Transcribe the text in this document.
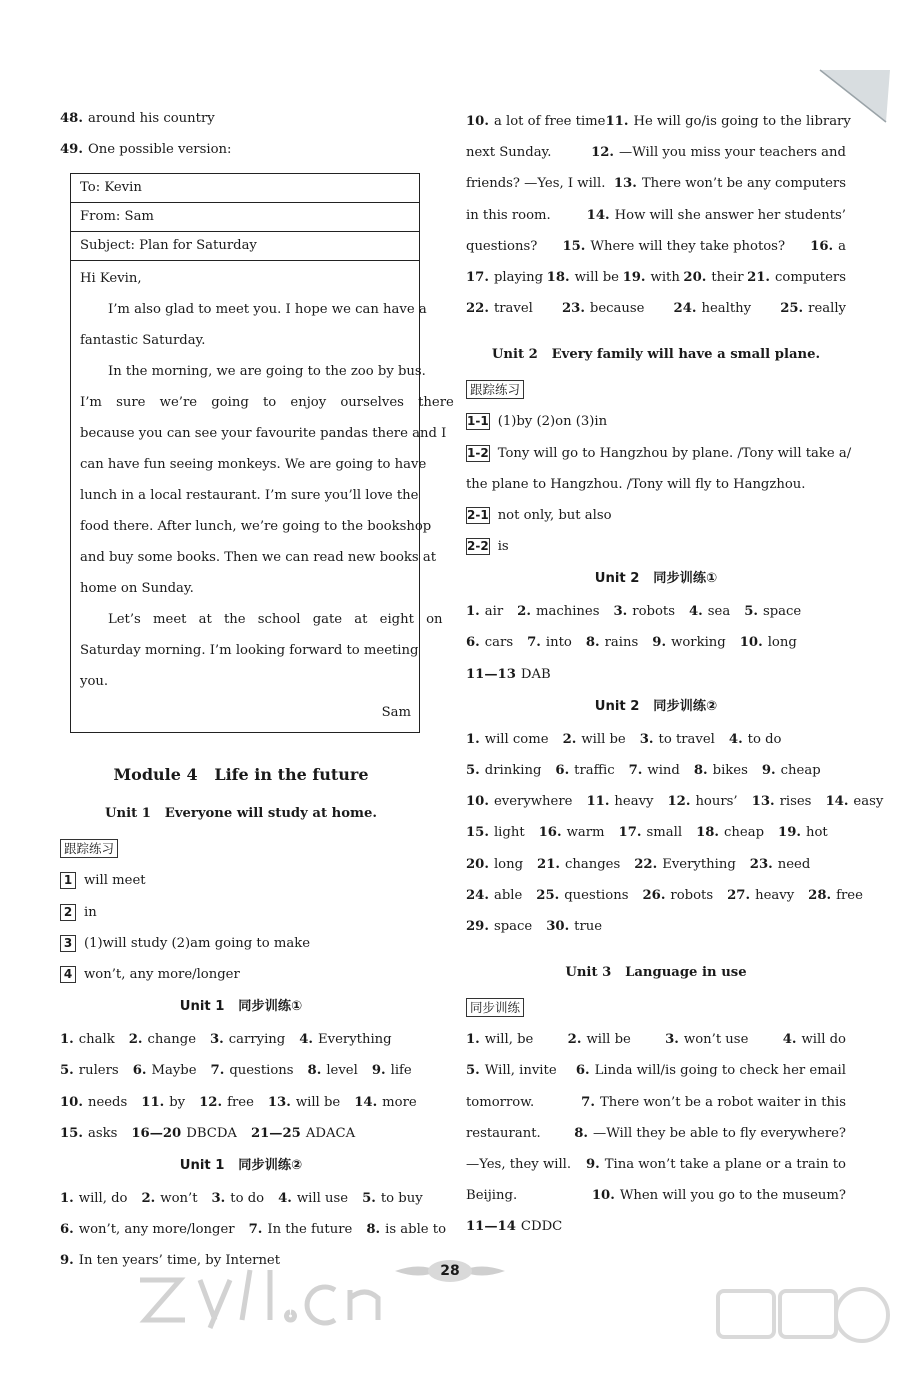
48. around his country
49. One possible version:
To: Kevin
From: Sam
Subject: Plan for Saturday
Hi Kevin,
I’m also glad to meet you. I hope we can have a
fantastic Saturday.
In the morning, we are going to the zoo by bus.
I’m sure we’re going to enjoy ourselves there
because you can see your favourite pandas there and I
can have fun seeing monkeys. We are going to have
lunch in a local restaurant. I’m sure you’ll love the
food there. After lunch, we’re going to the bookshop
and buy some books. Then we can read new books at
home on Sunday.
Let’s meet at the school gate at eight on
Saturday morning. I’m looking forward to meeting
you.
Sam
Module 4   Life in the future
Unit 1   Everyone will study at home.
跟踪练习
1 will meet
2 in
3 (1)will study (2)am going to make
4 won’t, any more/longer
Unit 1   同步训练①
1. chalk 2. change 3. carrying 4. Everything
5. rulers 6. Maybe 7. questions 8. level 9. life
10. needs 11. by 12. free 13. will be 14. more
15. asks 16—20 DBCDA 21—25 ADACA
Unit 1   同步训练②
1. will, do 2. won’t 3. to do 4. will use 5. to buy
6. won’t, any more/longer 7. In the future 8. is able to
9. In ten years’ time, by Internet
10. a lot of free time 11. He will go/is going to the library
next Sunday.	12. —Will you miss your teachers and
friends? —Yes, I will. 13. There won’t be any computers
in this room.	14. How will she answer her students’
questions? 15. Where will they take photos? 16. a
17. playing 18. will be 19. with 20. their 21. computers
22. travel 23. because 24. healthy 25. really
Unit 2   Every family will have a small plane.
跟踪练习
1-1 (1)by (2)on (3)in
1-2 Tony will go to Hangzhou by plane. /Tony will take a/
the plane to Hangzhou. /Tony will fly to Hangzhou.
2-1 not only, but also
2-2 is
Unit 2   同步训练①
1. air 2. machines 3. robots 4. sea 5. space
6. cars 7. into 8. rains 9. working 10. long
11—13 DAB
Unit 2   同步训练②
1. will come 2. will be 3. to travel 4. to do
5. drinking 6. traffic 7. wind 8. bikes 9. cheap
10. everywhere 11. heavy 12. hours’ 13. rises 14. easy
15. light 16. warm 17. small 18. cheap 19. hot
20. long 21. changes 22. Everything 23. need
24. able 25. questions 26. robots 27. heavy 28. free
29. space 30. true
Unit 3   Language in use
同步训练
1. will, be	2. will be	3. won’t use	4. will do
5. Will, invite 6. Linda will/is going to check her email
tomorrow.	7. There won’t be a robot waiter in this
restaurant.	8. —Will they be able to fly everywhere?
—Yes, they will. 9. Tina won’t take a plane or a train to
Beijing.	10. When will you go to the museum?
11—14 CDDC
28
